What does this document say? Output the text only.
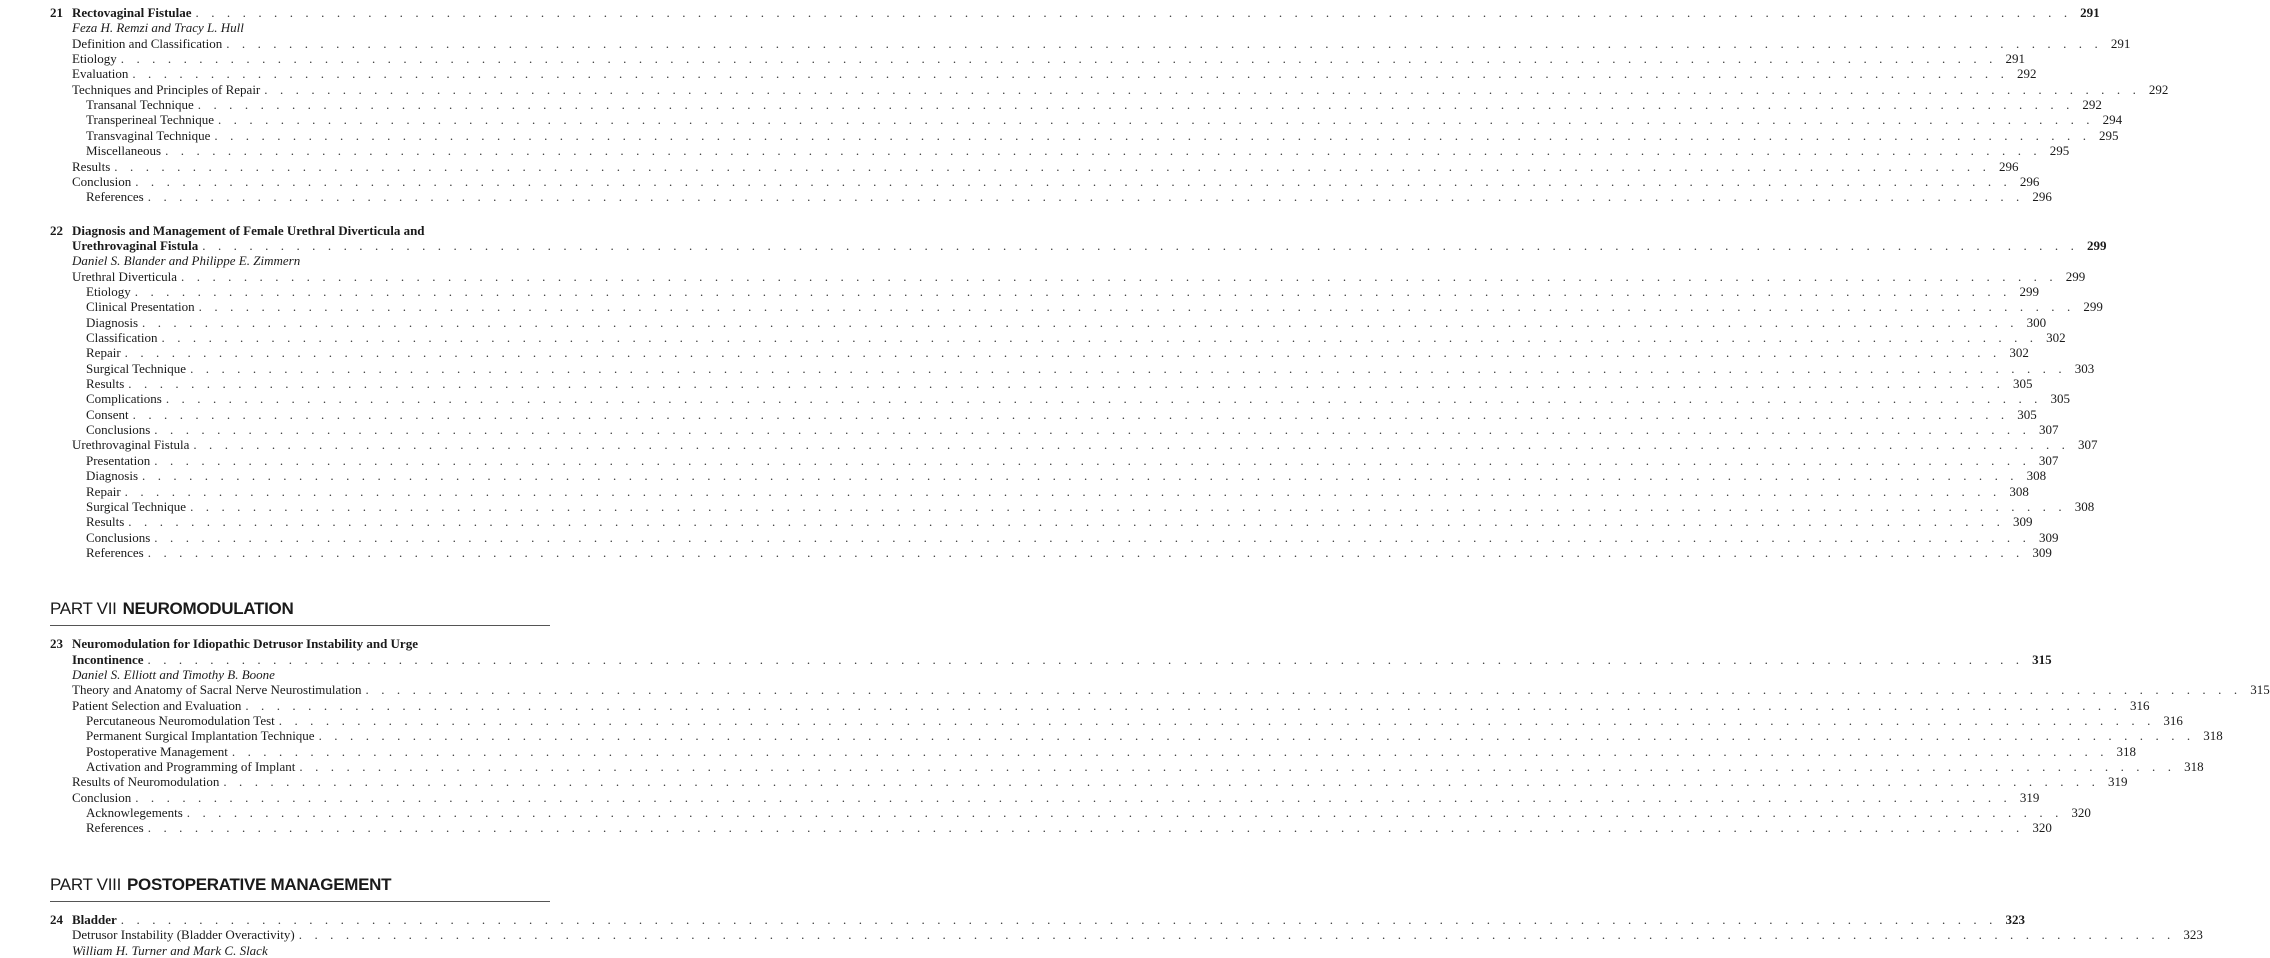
21 Rectovaginal Fistulae . . . . . . . . . . . . . . . . . . . . . . . . . . . . . . . . . . . . . . . . . . . . . . . . . . . . . . . . . . . . . . . . . . . . . . . . . . . . . . . . . . . . . . . . . . . . . . . . . . . . . . . . . . . . . . . . . . . . . . . . 291
Feza H. Remzi and Tracy L. Hull
Definition and Classification . . . . . . . . . . . . . . . . . . . . . . . . . . . . . . . . . . . . . . . . . . . . . . . . . . . . . . . . . . . . . . . . . . . . . . . . . . . . . . . . . . . . . . . . . . . . . . . . . . . . . . . . . . . . . . . . . . . . . . . . 291
Etiology . . . . . . . . . . . . . . . . . . . . . . . . . . . . . . . . . . . . . . . . . . . . . . . . . . . . . . . . . . . . . . . . . . . . . . . . . . . . . . . . . . . . . . . . . . . . . . . . . . . . . . . . . . . . . . . . . . . . . . . . 291
Evaluation . . . . . . . . . . . . . . . . . . . . . . . . . . . . . . . . . . . . . . . . . . . . . . . . . . . . . . . . . . . . . . . . . . . . . . . . . . . . . . . . . . . . . . . . . . . . . . . . . . . . . . . . . . . . . . . . . . . . . . . . 292
Techniques and Principles of Repair . . . . . . . . . . . . . . . . . . . . . . . . . . . . . . . . . . . . . . . . . . . . . . . . . . . . . . . . . . . . . . . . . . . . . . . . . . . . . . . . . . . . . . . . . . . . . . . . . . . . . . . . . . . . . . . . . . . . . . . . 292
Transanal Technique . . . . . . . . . . . . . . . . . . . . . . . . . . . . . . . . . . . . . . . . . . . . . . . . . . . . . . . . . . . . . . . . . . . . . . . . . . . . . . . . . . . . . . . . . . . . . . . . . . . . . . . . . . . . . . . . . . . . . . . . 292
Transperineal Technique . . . . . . . . . . . . . . . . . . . . . . . . . . . . . . . . . . . . . . . . . . . . . . . . . . . . . . . . . . . . . . . . . . . . . . . . . . . . . . . . . . . . . . . . . . . . . . . . . . . . . . . . . . . . . . . . . . . . . . . . 294
Transvaginal Technique . . . . . . . . . . . . . . . . . . . . . . . . . . . . . . . . . . . . . . . . . . . . . . . . . . . . . . . . . . . . . . . . . . . . . . . . . . . . . . . . . . . . . . . . . . . . . . . . . . . . . . . . . . . . . . . . . . . . . . . . 295
Miscellaneous . . . . . . . . . . . . . . . . . . . . . . . . . . . . . . . . . . . . . . . . . . . . . . . . . . . . . . . . . . . . . . . . . . . . . . . . . . . . . . . . . . . . . . . . . . . . . . . . . . . . . . . . . . . . . . . . . . . . . . . . 295
Results . . . . . . . . . . . . . . . . . . . . . . . . . . . . . . . . . . . . . . . . . . . . . . . . . . . . . . . . . . . . . . . . . . . . . . . . . . . . . . . . . . . . . . . . . . . . . . . . . . . . . . . . . . . . . . . . . . . . . . . . 296
Conclusion . . . . . . . . . . . . . . . . . . . . . . . . . . . . . . . . . . . . . . . . . . . . . . . . . . . . . . . . . . . . . . . . . . . . . . . . . . . . . . . . . . . . . . . . . . . . . . . . . . . . . . . . . . . . . . . . . . . . . . . . 296
References . . . . . . . . . . . . . . . . . . . . . . . . . . . . . . . . . . . . . . . . . . . . . . . . . . . . . . . . . . . . . . . . . . . . . . . . . . . . . . . . . . . . . . . . . . . . . . . . . . . . . . . . . . . . . . . . . . . . . . . . 296
22 Diagnosis and Management of Female Urethral Diverticula and
Urethrovaginal Fistula . . . . . . . . . . . . . . . . . . . . . . . . . . . . . . . . . . . . . . . . . . . . . . . . . . . . . . . . . . . . . . . . . . . . . . . . . . . . . . . . . . . . . . . . . . . . . . . . . . . . . . . . . . . . . . . . . . . . . . . . 299
Daniel S. Blander and Philippe E. Zimmern
Urethral Diverticula . . . . . . . . . . . . . . . . . . . . . . . . . . . . . . . . . . . . . . . . . . . . . . . . . . . . . . . . . . . . . . . . . . . . . . . . . . . . . . . . . . . . . . . . . . . . . . . . . . . . . . . . . . . . . . . . . . . . . . . . 299
Etiology . . . . . . . . . . . . . . . . . . . . . . . . . . . . . . . . . . . . . . . . . . . . . . . . . . . . . . . . . . . . . . . . . . . . . . . . . . . . . . . . . . . . . . . . . . . . . . . . . . . . . . . . . . . . . . . . . . . . . . . . 299
Clinical Presentation . . . . . . . . . . . . . . . . . . . . . . . . . . . . . . . . . . . . . . . . . . . . . . . . . . . . . . . . . . . . . . . . . . . . . . . . . . . . . . . . . . . . . . . . . . . . . . . . . . . . . . . . . . . . . . . . . . . . . . . . 299
Diagnosis . . . . . . . . . . . . . . . . . . . . . . . . . . . . . . . . . . . . . . . . . . . . . . . . . . . . . . . . . . . . . . . . . . . . . . . . . . . . . . . . . . . . . . . . . . . . . . . . . . . . . . . . . . . . . . . . . . . . . . . . 300
Classification . . . . . . . . . . . . . . . . . . . . . . . . . . . . . . . . . . . . . . . . . . . . . . . . . . . . . . . . . . . . . . . . . . . . . . . . . . . . . . . . . . . . . . . . . . . . . . . . . . . . . . . . . . . . . . . . . . . . . . . . 302
Repair . . . . . . . . . . . . . . . . . . . . . . . . . . . . . . . . . . . . . . . . . . . . . . . . . . . . . . . . . . . . . . . . . . . . . . . . . . . . . . . . . . . . . . . . . . . . . . . . . . . . . . . . . . . . . . . . . . . . . . . . 302
Surgical Technique . . . . . . . . . . . . . . . . . . . . . . . . . . . . . . . . . . . . . . . . . . . . . . . . . . . . . . . . . . . . . . . . . . . . . . . . . . . . . . . . . . . . . . . . . . . . . . . . . . . . . . . . . . . . . . . . . . . . . . . . 303
Results . . . . . . . . . . . . . . . . . . . . . . . . . . . . . . . . . . . . . . . . . . . . . . . . . . . . . . . . . . . . . . . . . . . . . . . . . . . . . . . . . . . . . . . . . . . . . . . . . . . . . . . . . . . . . . . . . . . . . . . . 305
Complications . . . . . . . . . . . . . . . . . . . . . . . . . . . . . . . . . . . . . . . . . . . . . . . . . . . . . . . . . . . . . . . . . . . . . . . . . . . . . . . . . . . . . . . . . . . . . . . . . . . . . . . . . . . . . . . . . . . . . . . . 305
Consent . . . . . . . . . . . . . . . . . . . . . . . . . . . . . . . . . . . . . . . . . . . . . . . . . . . . . . . . . . . . . . . . . . . . . . . . . . . . . . . . . . . . . . . . . . . . . . . . . . . . . . . . . . . . . . . . . . . . . . . . 305
Conclusions . . . . . . . . . . . . . . . . . . . . . . . . . . . . . . . . . . . . . . . . . . . . . . . . . . . . . . . . . . . . . . . . . . . . . . . . . . . . . . . . . . . . . . . . . . . . . . . . . . . . . . . . . . . . . . . . . . . . . . . . 307
Urethrovaginal Fistula . . . . . . . . . . . . . . . . . . . . . . . . . . . . . . . . . . . . . . . . . . . . . . . . . . . . . . . . . . . . . . . . . . . . . . . . . . . . . . . . . . . . . . . . . . . . . . . . . . . . . . . . . . . . . . . . . . . . . . . . 307
Presentation . . . . . . . . . . . . . . . . . . . . . . . . . . . . . . . . . . . . . . . . . . . . . . . . . . . . . . . . . . . . . . . . . . . . . . . . . . . . . . . . . . . . . . . . . . . . . . . . . . . . . . . . . . . . . . . . . . . . . . . . 307
Diagnosis . . . . . . . . . . . . . . . . . . . . . . . . . . . . . . . . . . . . . . . . . . . . . . . . . . . . . . . . . . . . . . . . . . . . . . . . . . . . . . . . . . . . . . . . . . . . . . . . . . . . . . . . . . . . . . . . . . . . . . . . 308
Repair . . . . . . . . . . . . . . . . . . . . . . . . . . . . . . . . . . . . . . . . . . . . . . . . . . . . . . . . . . . . . . . . . . . . . . . . . . . . . . . . . . . . . . . . . . . . . . . . . . . . . . . . . . . . . . . . . . . . . . . . 308
Surgical Technique . . . . . . . . . . . . . . . . . . . . . . . . . . . . . . . . . . . . . . . . . . . . . . . . . . . . . . . . . . . . . . . . . . . . . . . . . . . . . . . . . . . . . . . . . . . . . . . . . . . . . . . . . . . . . . . . . . . . . . . . 308
Results . . . . . . . . . . . . . . . . . . . . . . . . . . . . . . . . . . . . . . . . . . . . . . . . . . . . . . . . . . . . . . . . . . . . . . . . . . . . . . . . . . . . . . . . . . . . . . . . . . . . . . . . . . . . . . . . . . . . . . . . 309
Conclusions . . . . . . . . . . . . . . . . . . . . . . . . . . . . . . . . . . . . . . . . . . . . . . . . . . . . . . . . . . . . . . . . . . . . . . . . . . . . . . . . . . . . . . . . . . . . . . . . . . . . . . . . . . . . . . . . . . . . . . . . 309
References . . . . . . . . . . . . . . . . . . . . . . . . . . . . . . . . . . . . . . . . . . . . . . . . . . . . . . . . . . . . . . . . . . . . . . . . . . . . . . . . . . . . . . . . . . . . . . . . . . . . . . . . . . . . . . . . . . . . . . . . 309
PART VII NEUROMODULATION
23 Neuromodulation for Idiopathic Detrusor Instability and Urge
Incontinence . . . . . . . . . . . . . . . . . . . . . . . . . . . . . . . . . . . . . . . . . . . . . . . . . . . . . . . . . . . . . . . . . . . . . . . . . . . . . . . . . . . . . . . . . . . . . . . . . . . . . . . . . . . . . . . . . . . . . . . . 315
Daniel S. Elliott and Timothy B. Boone
Theory and Anatomy of Sacral Nerve Neurostimulation . . . . . . . . . . . . . . . . . . . . . . . . . . . . . . . . . . . . . . . . . . . . . . . . . . . . . . . . . . . . . . . . . . . . . . . . . . . . . . . . . . . . . . . . . . . . . . . . . . . . . . . . . . . . . . . . . . . . . . . . 315
Patient Selection and Evaluation . . . . . . . . . . . . . . . . . . . . . . . . . . . . . . . . . . . . . . . . . . . . . . . . . . . . . . . . . . . . . . . . . . . . . . . . . . . . . . . . . . . . . . . . . . . . . . . . . . . . . . . . . . . . . . . . . . . . . . . . 316
Percutaneous Neuromodulation Test . . . . . . . . . . . . . . . . . . . . . . . . . . . . . . . . . . . . . . . . . . . . . . . . . . . . . . . . . . . . . . . . . . . . . . . . . . . . . . . . . . . . . . . . . . . . . . . . . . . . . . . . . . . . . . . . . . . . . . . . 316
Permanent Surgical Implantation Technique . . . . . . . . . . . . . . . . . . . . . . . . . . . . . . . . . . . . . . . . . . . . . . . . . . . . . . . . . . . . . . . . . . . . . . . . . . . . . . . . . . . . . . . . . . . . . . . . . . . . . . . . . . . . . . . . . . . . . . . . 318
Postoperative Management . . . . . . . . . . . . . . . . . . . . . . . . . . . . . . . . . . . . . . . . . . . . . . . . . . . . . . . . . . . . . . . . . . . . . . . . . . . . . . . . . . . . . . . . . . . . . . . . . . . . . . . . . . . . . . . . . . . . . . . . 318
Activation and Programming of Implant . . . . . . . . . . . . . . . . . . . . . . . . . . . . . . . . . . . . . . . . . . . . . . . . . . . . . . . . . . . . . . . . . . . . . . . . . . . . . . . . . . . . . . . . . . . . . . . . . . . . . . . . . . . . . . . . . . . . . . . . 318
Results of Neuromodulation . . . . . . . . . . . . . . . . . . . . . . . . . . . . . . . . . . . . . . . . . . . . . . . . . . . . . . . . . . . . . . . . . . . . . . . . . . . . . . . . . . . . . . . . . . . . . . . . . . . . . . . . . . . . . . . . . . . . . . . . 319
Conclusion . . . . . . . . . . . . . . . . . . . . . . . . . . . . . . . . . . . . . . . . . . . . . . . . . . . . . . . . . . . . . . . . . . . . . . . . . . . . . . . . . . . . . . . . . . . . . . . . . . . . . . . . . . . . . . . . . . . . . . . . 319
Acknowlegements . . . . . . . . . . . . . . . . . . . . . . . . . . . . . . . . . . . . . . . . . . . . . . . . . . . . . . . . . . . . . . . . . . . . . . . . . . . . . . . . . . . . . . . . . . . . . . . . . . . . . . . . . . . . . . . . . . . . . . . . 320
References . . . . . . . . . . . . . . . . . . . . . . . . . . . . . . . . . . . . . . . . . . . . . . . . . . . . . . . . . . . . . . . . . . . . . . . . . . . . . . . . . . . . . . . . . . . . . . . . . . . . . . . . . . . . . . . . . . . . . . . . 320
PART VIII POSTOPERATIVE MANAGEMENT
24 Bladder . . . . . . . . . . . . . . . . . . . . . . . . . . . . . . . . . . . . . . . . . . . . . . . . . . . . . . . . . . . . . . . . . . . . . . . . . . . . . . . . . . . . . . . . . . . . . . . . . . . . . . . . . . . . . . . . . . . . . . . . 323
Detrusor Instability (Bladder Overactivity) . . . . . . . . . . . . . . . . . . . . . . . . . . . . . . . . . . . . . . . . . . . . . . . . . . . . . . . . . . . . . . . . . . . . . . . . . . . . . . . . . . . . . . . . . . . . . . . . . . . . . . . . . . . . . . . . . . . . . . . . 323
William H. Turner and Mark C. Slack
